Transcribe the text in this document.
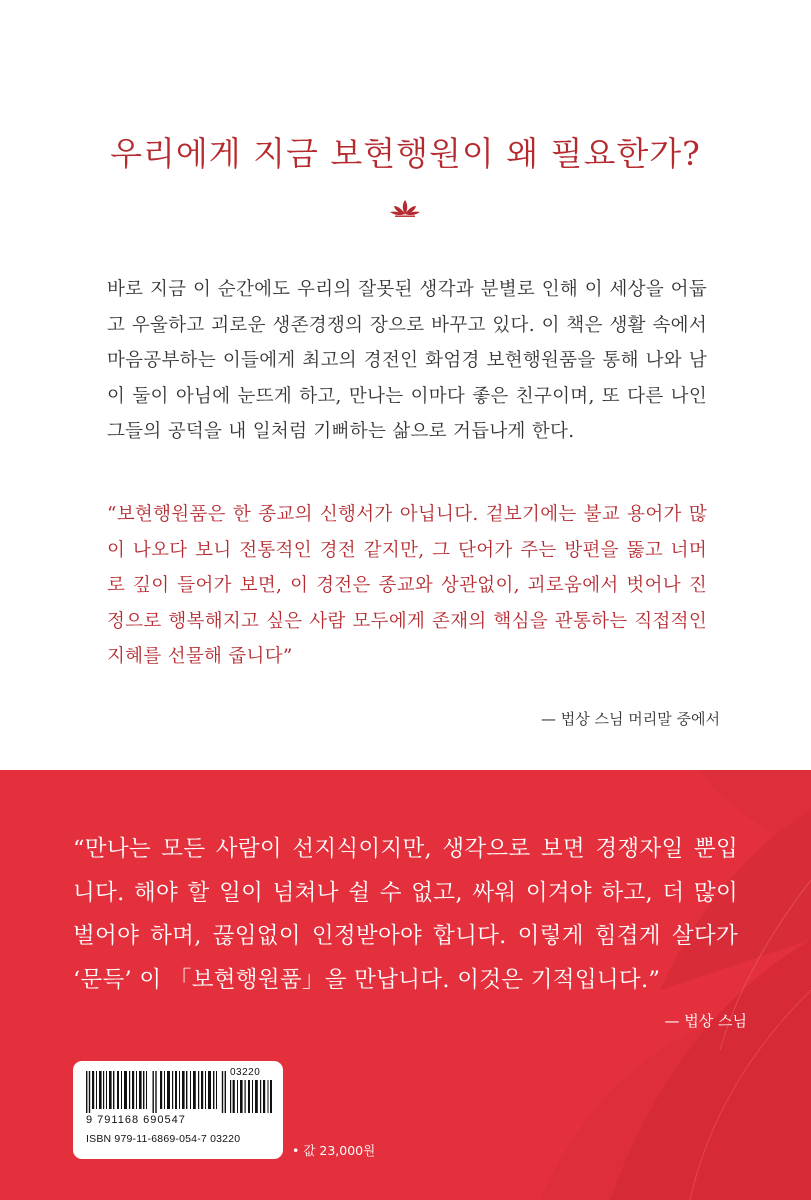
우리에게 지금 보현행원이 왜 필요한가?

바로 지금 이 순간에도 우리의 잘못된 생각과 분별로 인해 이 세상을 어둡고 우울하고 괴로운 생존경쟁의 장으로 바꾸고 있다. 이 책은 생활 속에서 마음공부하는 이들에게 최고의 경전인 화엄경 보현행원품을 통해 나와 남이 둘이 아님에 눈뜨게 하고, 만나는 이마다 좋은 친구이며, 또 다른 나인 그들의 공덕을 내 일처럼 기뻐하는 삶으로 거듭나게 한다.

“보현행원품은 한 종교의 신행서가 아닙니다. 겉보기에는 불교 용어가 많이 나오다 보니 전통적인 경전 같지만, 그 단어가 주는 방편을 뚫고 너머로 깊이 들어가 보면, 이 경전은 종교와 상관없이, 괴로움에서 벗어나 진정으로 행복해지고 싶은 사람 모두에게 존재의 핵심을 관통하는 직접적인 지혜를 선물해 줍니다”

— 법상 스님 머리말 중에서

“만나는 모든 사람이 선지식이지만, 생각으로 보면 경쟁자일 뿐입니다. 해야 할 일이 넘쳐나 쉴 수 없고, 싸워 이겨야 하고, 더 많이 벌어야 하며, 끊임없이 인정받아야 합니다. 이렇게 힘겹게 살다가 ‘문득’ 이 「보현행원품」을 만납니다. 이것은 기적입니다.”

— 법상 스님
03220
9 791168 690547
ISBN 979-11-6869-054-7 03220
• 값 23,000원
